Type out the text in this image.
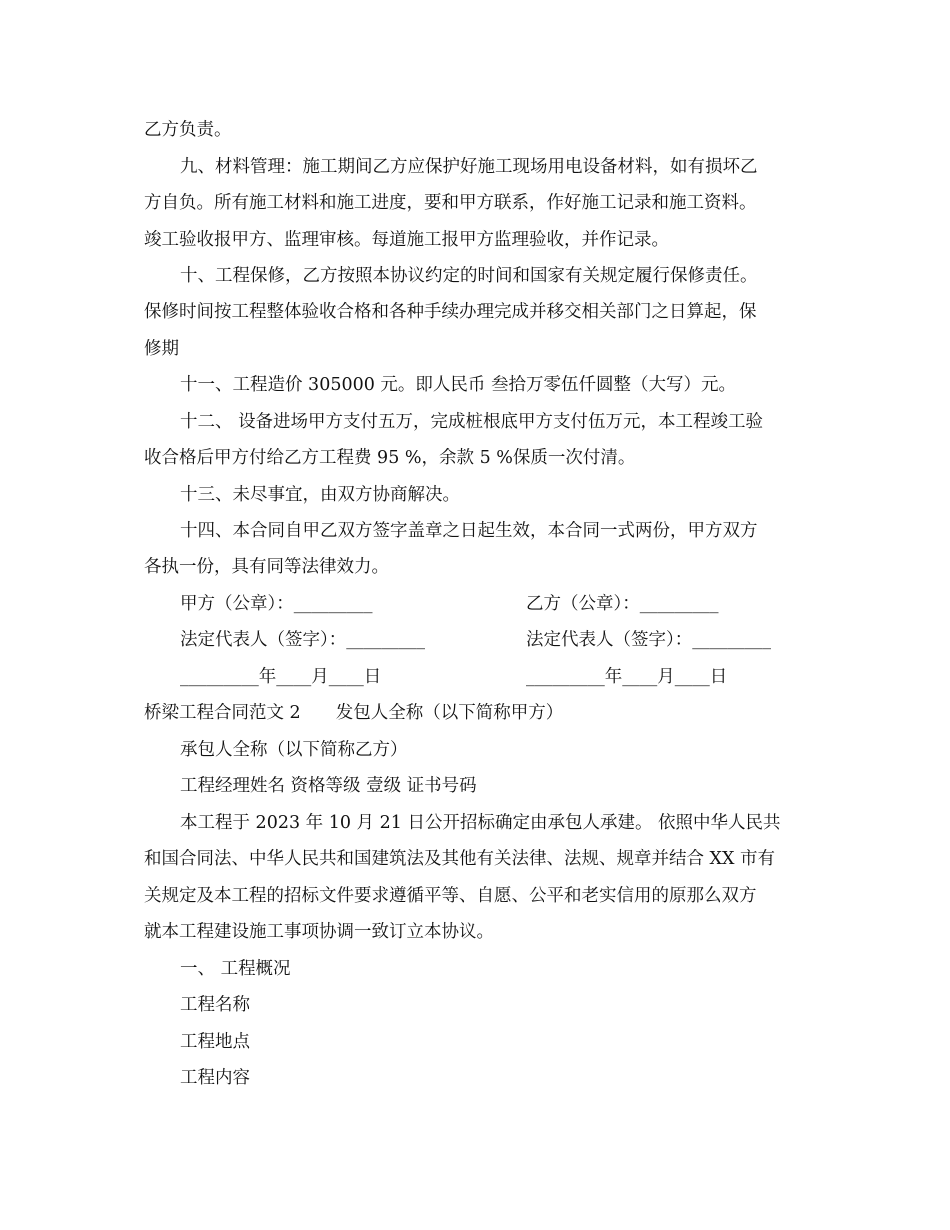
乙方负责。
九、材料管理：施工期间乙方应保护好施工现场用电设备材料，如有损坏乙
方自负。所有施工材料和施工进度，要和甲方联系，作好施工记录和施工资料。
竣工验收报甲方、监理审核。每道施工报甲方监理验收，并作记录。
十、工程保修，乙方按照本协议约定的时间和国家有关规定履行保修责任。
保修时间按工程整体验收合格和各种手续办理完成并移交相关部门之日算起，保
修期
十一、工程造价 305000 元。即人民币 叁拾万零伍仟圆整（大写）元。
十二、 设备进场甲方支付五万，完成桩根底甲方支付伍万元，本工程竣工验
收合格后甲方付给乙方工程费 95 %，余款 5 %保质一次付清。
十三、未尽事宜，由双方协商解决。
十四、本合同自甲乙双方签字盖章之日起生效，本合同一式两份，甲方双方
各执一份，具有同等法律效力。
甲方（公章）：_________	乙方（公章）：_________
法定代表人（签字）：_________	法定代表人（签字）：_________
_________年____月____日	_________年____月____日
桥梁工程合同范文 2　　发包人全称（以下简称甲方）
承包人全称（以下简称乙方）
工程经理姓名 资格等级 壹级 证书号码
本工程于 2023 年 10 月 21 日公开招标确定由承包人承建。 依照中华人民共
和国合同法、中华人民共和国建筑法及其他有关法律、法规、规章并结合 XX 市有
关规定及本工程的招标文件要求遵循平等、自愿、公平和老实信用的原那么双方
就本工程建设施工事项协调一致订立本协议。
一、 工程概况
工程名称
工程地点
工程内容
